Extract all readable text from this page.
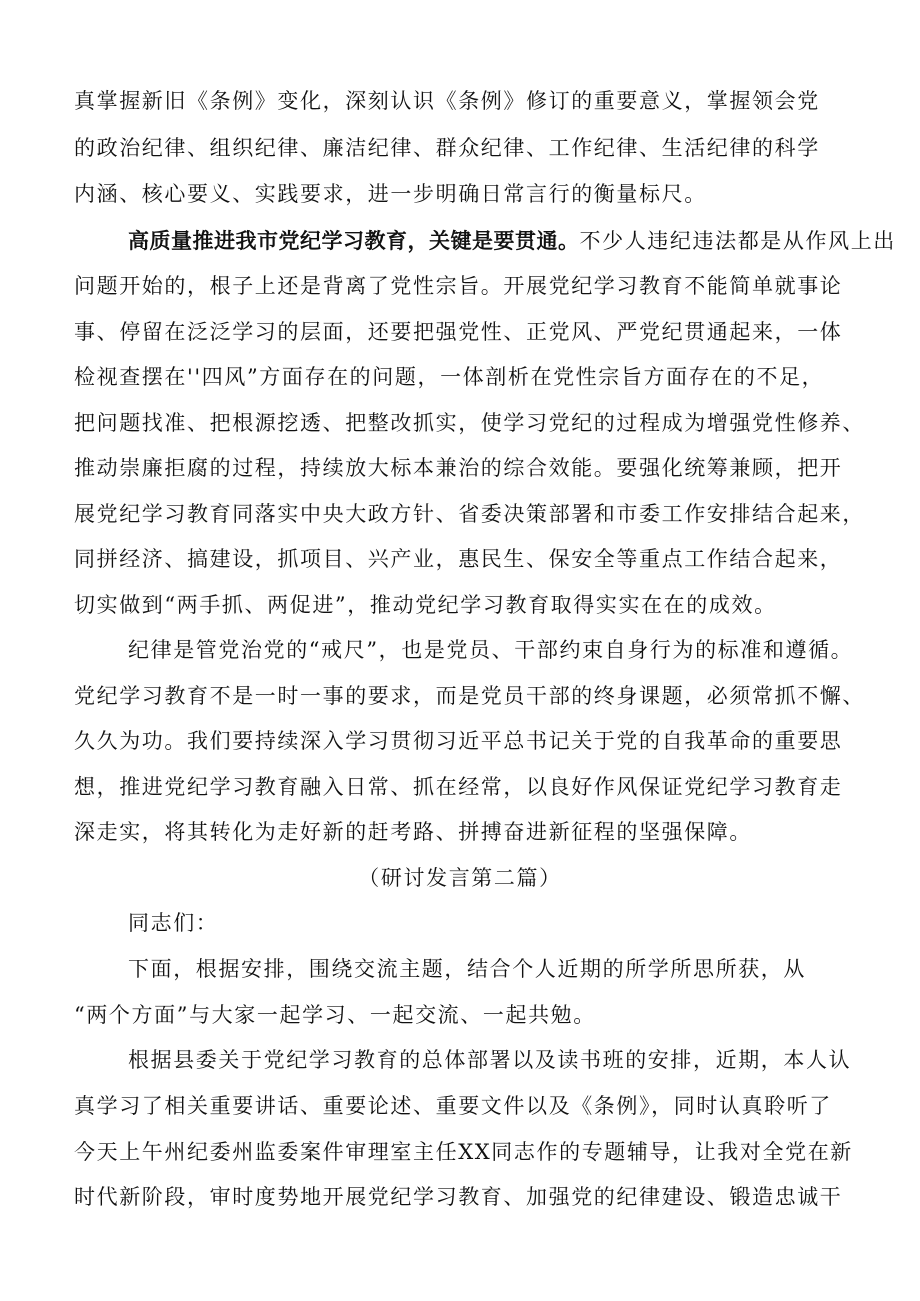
真掌握新旧《条例》变化，深刻认识《条例》修订的重要意义，掌握领会党
的政治纪律、组织纪律、廉洁纪律、群众纪律、工作纪律、生活纪律的科学
内涵、核心要义、实践要求，进一步明确日常言行的衡量标尺。
高质量推进我市党纪学习教育，关键是要贯通。不少人违纪违法都是从作风上出
问题开始的，根子上还是背离了党性宗旨。开展党纪学习教育不能简单就事论
事、停留在泛泛学习的层面，还要把强党性、正党风、严党纪贯通起来，一体
检视查摆在''四风”方面存在的问题，一体剖析在党性宗旨方面存在的不足，
把问题找准、把根源挖透、把整改抓实，使学习党纪的过程成为增强党性修养、
推动崇廉拒腐的过程，持续放大标本兼治的综合效能。要强化统筹兼顾，把开
展党纪学习教育同落实中央大政方针、省委决策部署和市委工作安排结合起来，
同拼经济、搞建设，抓项目、兴产业，惠民生、保安全等重点工作结合起来，
切实做到“两手抓、两促进”，推动党纪学习教育取得实实在在的成效。
纪律是管党治党的“戒尺”，也是党员、干部约束自身行为的标准和遵循。
党纪学习教育不是一时一事的要求，而是党员干部的终身课题，必须常抓不懈、
久久为功。我们要持续深入学习贯彻习近平总书记关于党的自我革命的重要思
想，推进党纪学习教育融入日常、抓在经常，以良好作风保证党纪学习教育走
深走实，将其转化为走好新的赶考路、拼搏奋进新征程的坚强保障。
（研讨发言第二篇）
同志们：
下面，根据安排，围绕交流主题，结合个人近期的所学所思所获，从
“两个方面”与大家一起学习、一起交流、一起共勉。
根据县委关于党纪学习教育的总体部署以及读书班的安排，近期，本人认
真学习了相关重要讲话、重要论述、重要文件以及《条例》，同时认真聆听了
今天上午州纪委州监委案件审理室主任XX同志作的专题辅导，让我对全党在新
时代新阶段，审时度势地开展党纪学习教育、加强党的纪律建设、锻造忠诚干
